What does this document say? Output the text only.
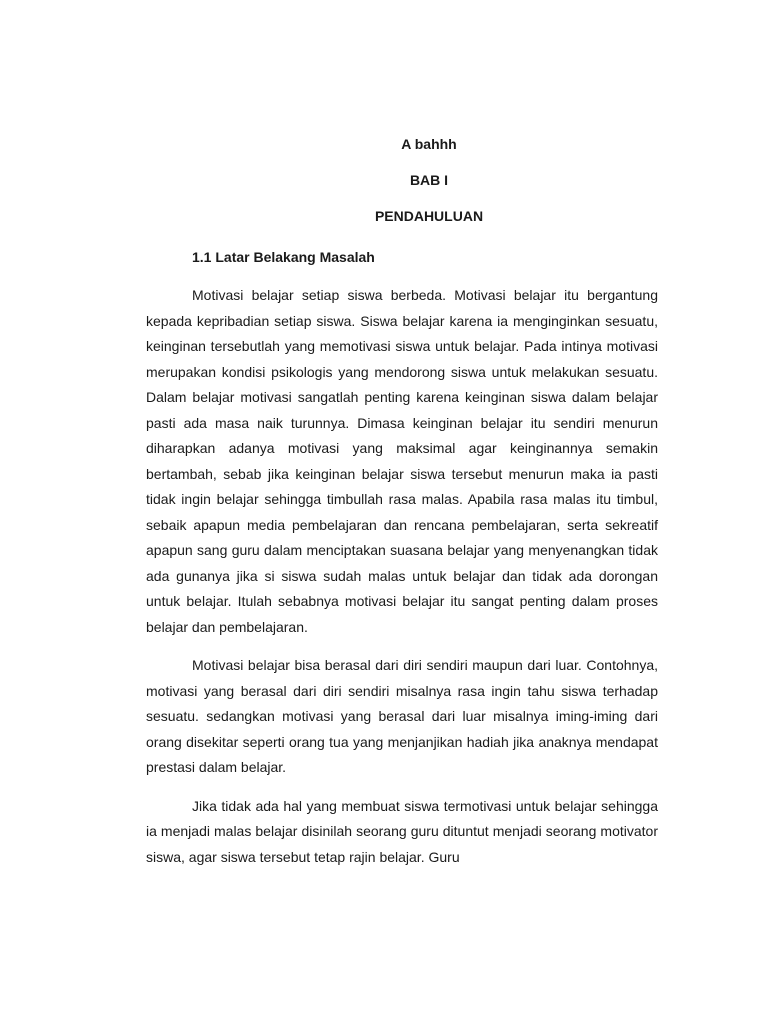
A bahhh

BAB I

PENDAHULUAN

1.1 Latar Belakang Masalah

Motivasi belajar setiap siswa berbeda. Motivasi belajar itu bergantung kepada kepribadian setiap siswa. Siswa belajar karena ia menginginkan sesuatu, keinginan tersebutlah yang memotivasi siswa untuk belajar. Pada intinya motivasi merupakan kondisi psikologis yang mendorong siswa untuk melakukan sesuatu. Dalam belajar motivasi sangatlah penting karena keinginan siswa dalam belajar pasti ada masa naik turunnya. Dimasa keinginan belajar itu sendiri menurun diharapkan adanya motivasi yang maksimal agar keinginannya semakin bertambah, sebab jika keinginan belajar siswa tersebut menurun maka ia pasti tidak ingin belajar sehingga timbullah rasa malas. Apabila rasa malas itu timbul, sebaik apapun media pembelajaran dan rencana pembelajaran, serta sekreatif apapun sang guru dalam menciptakan suasana belajar yang menyenangkan tidak ada gunanya jika si siswa sudah malas untuk belajar dan tidak ada dorongan untuk belajar. Itulah sebabnya motivasi belajar itu sangat penting dalam proses belajar dan pembelajaran.

Motivasi belajar bisa berasal dari diri sendiri maupun dari luar. Contohnya, motivasi yang berasal dari diri sendiri misalnya rasa ingin tahu siswa terhadap sesuatu. sedangkan motivasi yang berasal dari luar misalnya iming-iming dari orang disekitar seperti orang tua yang menjanjikan hadiah jika anaknya mendapat prestasi dalam belajar.

Jika tidak ada hal yang membuat siswa termotivasi untuk belajar sehingga ia menjadi malas belajar disinilah seorang guru dituntut menjadi seorang motivator siswa, agar siswa tersebut tetap rajin belajar. Guru
